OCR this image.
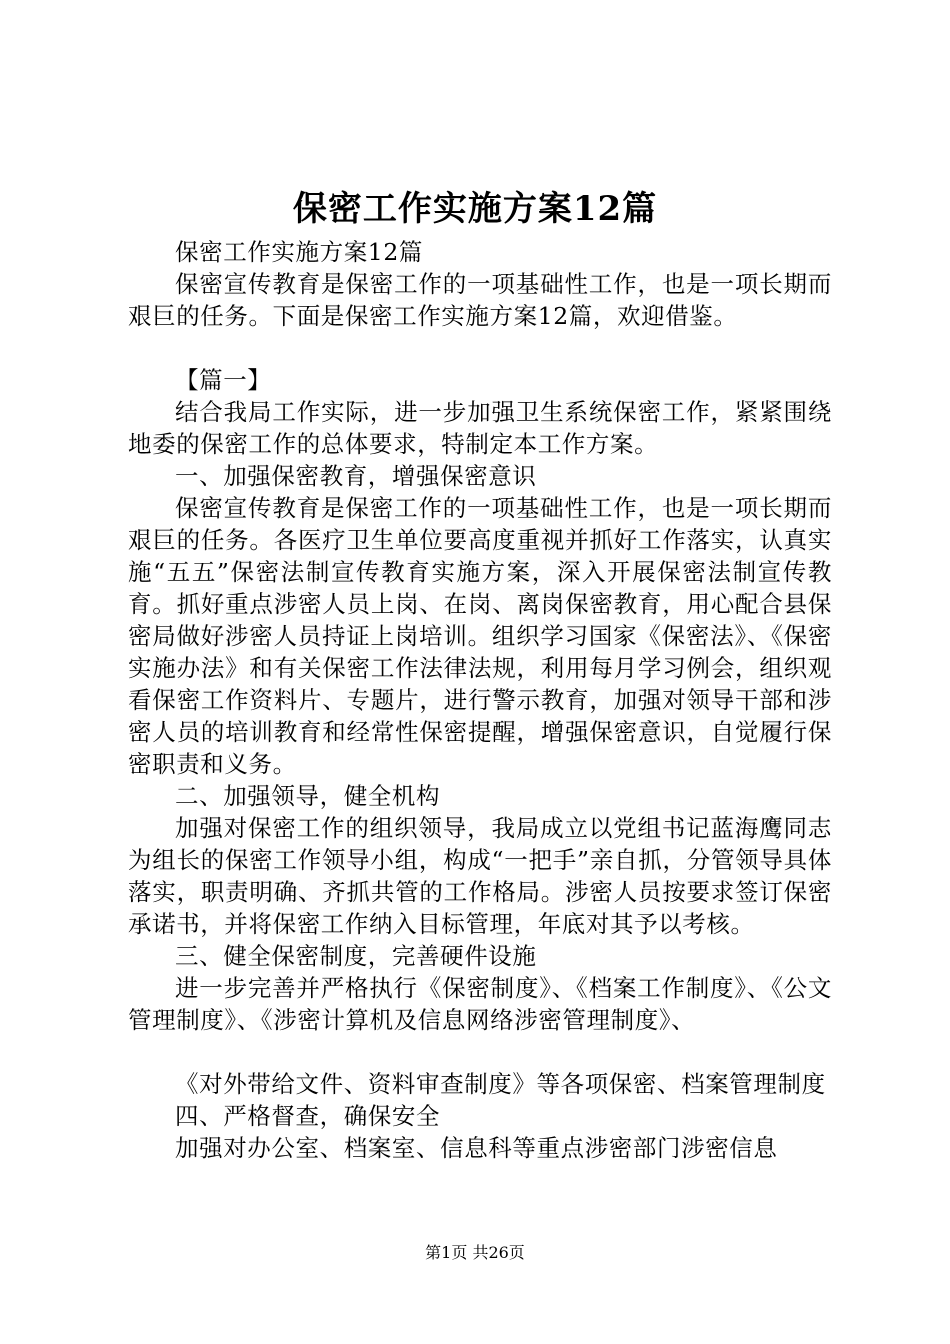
保密工作实施方案12篇

保密工作实施方案12篇

保密宣传教育是保密工作的一项基础性工作，也是一项长期而艰巨的任务。下面是保密工作实施方案12篇，欢迎借鉴。

【篇一】

结合我局工作实际，进一步加强卫生系统保密工作，紧紧围绕地委的保密工作的总体要求，特制定本工作方案。

一、加强保密教育，增强保密意识

保密宣传教育是保密工作的一项基础性工作，也是一项长期而艰巨的任务。各医疗卫生单位要高度重视并抓好工作落实，认真实施“五五”保密法制宣传教育实施方案，深入开展保密法制宣传教育。抓好重点涉密人员上岗、在岗、离岗保密教育，用心配合县保密局做好涉密人员持证上岗培训。组织学习国家《保密法》、《保密实施办法》和有关保密工作法律法规，利用每月学习例会，组织观看保密工作资料片、专题片，进行警示教育，加强对领导干部和涉密人员的培训教育和经常性保密提醒，增强保密意识，自觉履行保密职责和义务。

二、加强领导，健全机构

加强对保密工作的组织领导，我局成立以党组书记蓝海鹰同志为组长的保密工作领导小组，构成“一把手”亲自抓，分管领导具体落实，职责明确、齐抓共管的工作格局。涉密人员按要求签订保密承诺书，并将保密工作纳入目标管理，年底对其予以考核。

三、健全保密制度，完善硬件设施

进一步完善并严格执行《保密制度》、《档案工作制度》、《公文管理制度》、《涉密计算机及信息网络涉密管理制度》、

《对外带给文件、资料审查制度》等各项保密、档案管理制度

四、严格督查，确保安全

加强对办公室、档案室、信息科等重点涉密部门涉密信息

第1页 共26页
